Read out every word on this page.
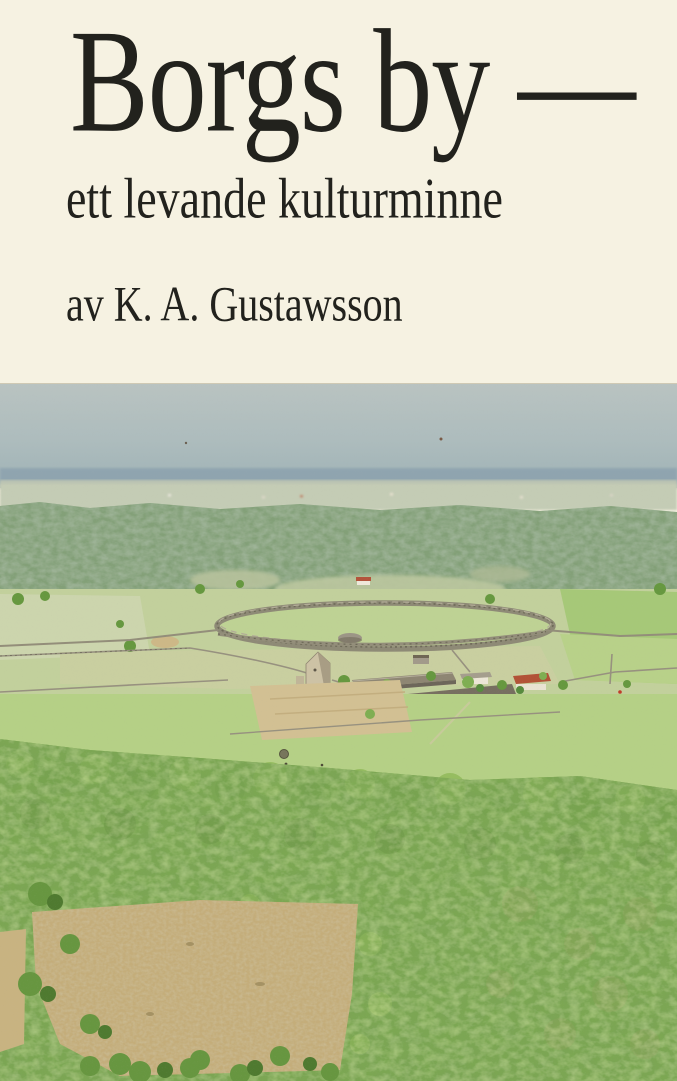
Borgs by —
ett levande kulturminne
av K. A. Gustawsson
